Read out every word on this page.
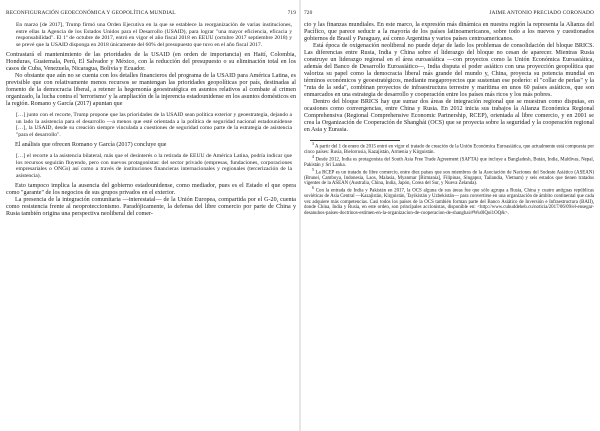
RECONFIGURACIÓN GEOECONÓMICA Y GEOPOLÍTICA MUNDIAL	719

En marzo [de 2017], Trump firmó una Orden Ejecutiva en la que se establece la reorganización de varias instituciones, entre ellas la Agencia de los Estados Unidos para el Desarrollo (USAID), para lograr "una mayor eficiencia, eficacia y responsabilidad". El 1º de octubre de 2017, entró en vigor el año fiscal 2018 en EEUU (octubre 2017 septiembre 2018) y se prevé que la USAID disponga en 2018 únicamente del 60% del presupuesto que tuvo en el año fiscal 2017.

Contrastará el mantenimiento de las prioridades de la USAID (en orden de importancia) en Haití, Colombia, Honduras, Guatemala, Perú, El Salvador y México, con la reducción del presupuesto o su eliminación total en los casos de Cuba, Venezuela, Nicaragua, Bolivia y Ecuador.

No obstante que aún no se cuenta con los detalles financieros del programa de la USAID para América Latina, es previsible que con relativamente menos recursos se mantengan las prioridades geopolíticas por país, destinadas al fomento de la democracia liberal, a retener la hegemonía geoestratégica en asuntos relativos al combate al crimen organizado, la lucha contra el 'terrorismo' y la ampliación de la injerencia estadounidense en los asuntos domésticos en la región. Romano y García (2017) apuntan que

[…] junto con el recorte, Trump propone que las prioridades de la USAID sean política exterior y geoestrategia, dejando a un lado la asistencia para el desarrollo —a menos que esté orientada a la política de seguridad nacional estadounidense […], la USAID, desde su creación siempre vinculada a cuestiones de seguridad como parte de la estrategia de asistencia "para el desarrollo".

El análisis que ofrecen Romano y García (2017) concluye que

[…] el recorte a la asistencia bilateral, más que el desinterés o la retirada de EEUU de América Latina, podría indicar que los recursos seguirán fluyendo, pero con nuevos protagonistas: del sector privado (empresas, fundaciones, corporaciones empresariales o ONGs) así como a través de instituciones financieras internacionales y regionales (tercerización de la asistencia).

Esto tampoco implica la ausencia del gobierno estadounidense, como mediador, pues es el Estado el que opera como "garante" de los negocios de sus grupos privados en el exterior.

La presencia de la integración comunitaria —interestatal— de la Unión Europea, compartida por el G-20, cuenta como resistencia frente al neoproteccionismo. Paradójicamente, la defensa del libre comercio por parte de China y Rusia también origina una perspectiva neoliberal del comer-

720	JAIME ANTONIO PRECIADO CORONADO

cio y las finanzas mundiales. En este marco, la expresión más dinámica en nuestra región la representa la Alianza del Pacífico, que parece seducir a la mayoría de los países latinoamericanos, sobre todo a los nuevos y cuestionados gobiernos de Brasil y Paraguay, así como Argentina y varios países centroamericanos.

Está época de oxigenación neoliberal no puede dejar de lado los problemas de consolidación del bloque BRICS. Las diferencias entre Rusia, India y China sobre el liderazgo del bloque no cesan de aparecer. Mientras Rusia construye un liderazgo regional en el área euroasiática —con proyectos como la Unión Económica Euroasiática, además del Banco de Desarrollo Euroasiático—, India disputa el poder asiático con una proyección geopolítica que valoriza su papel como la democracia liberal más grande del mundo y, China, proyecta su potencia mundial en términos económicos y geoestratégicos, mediante megaproyectos que sustentan ese poderío: el "collar de perlas" y la "ruta de la seda", combinan proyectos de infraestructura terrestre y marítima en unos 60 países asiáticos, que son enmarcados en una estrategia de desarrollo y cooperación entre los países más ricos y los más pobres.

Dentro del bloque BRICS hay que sumar dos áreas de integración regional que se muestran como disputas, en ocasiones como convergencias, entre China y Rusia. En 2012 inicia sus trabajos la Alianza Económica Regional Comprehensiva (Regional Comprehensive Economic Partnership, RCEP), orientada al libre comercio, y en 2001 se crea la Organización de Cooperación de Shanghái (OCS) que se proyecta sobre la seguridad y la cooperación regional en Asia y Eurasia.

$^3$ A partir del 1 de enero de 2015 entró en vigor el tratado de creación de la Unión Económica Euroasiática, que actualmente está compuesta por cinco países: Rusia, Bielorrusia, Kazajistán, Armenia y Kirguistán.

$^4$ Desde 2012, India es protagonista del South Asia Free Trade Agreement (SAFTA) que incluye a Bangladesh, Bután, India, Maldivas, Nepal, Pakistán y Sri Lanka.

$^5$ La RCEP es un tratado de libre comercio, entre diez países que son miembros de la Asociación de Naciones del Sudeste Asiático (ASEAN) (Brunei, Camboya, Indonesia, Laos, Malasia, Myanmar [Birmania], Filipinas, Singapur, Tailandia, Vietnam) y seis estados que tienen tratados vigentes de la ASEAN (Australia, China, India, Japón, Corea del Sur, y Nueva Zelanda).

$^6$ Con la entrada de India y Pakistán en 2017, la OCS alguna de sus áreas fue que sólo agrupa a Rusia, China y cuatro antiguas repúblicas soviéticas de Asia Central —Kazajistán, Kirguistán, Tayikistán y Uzbekistán— para convertirse en una organización de ámbito continental que cada vez adquiere más competencias. Casi todos los países de la OCS también forman parte del Banco Asiático de Inversión e Infraestructura (BAII), donde China, India y Rusia, en este orden, son principales accionistas, disponible en: <http://www.cuhuddeheb.cu/noticia/2017/06/09/el-ensegar-desanuhos-paises-doctrinos-estimen-en-la-organizacion-de-cooperacion-de-shanghai/#Wu0lQoi1OQ&>.
